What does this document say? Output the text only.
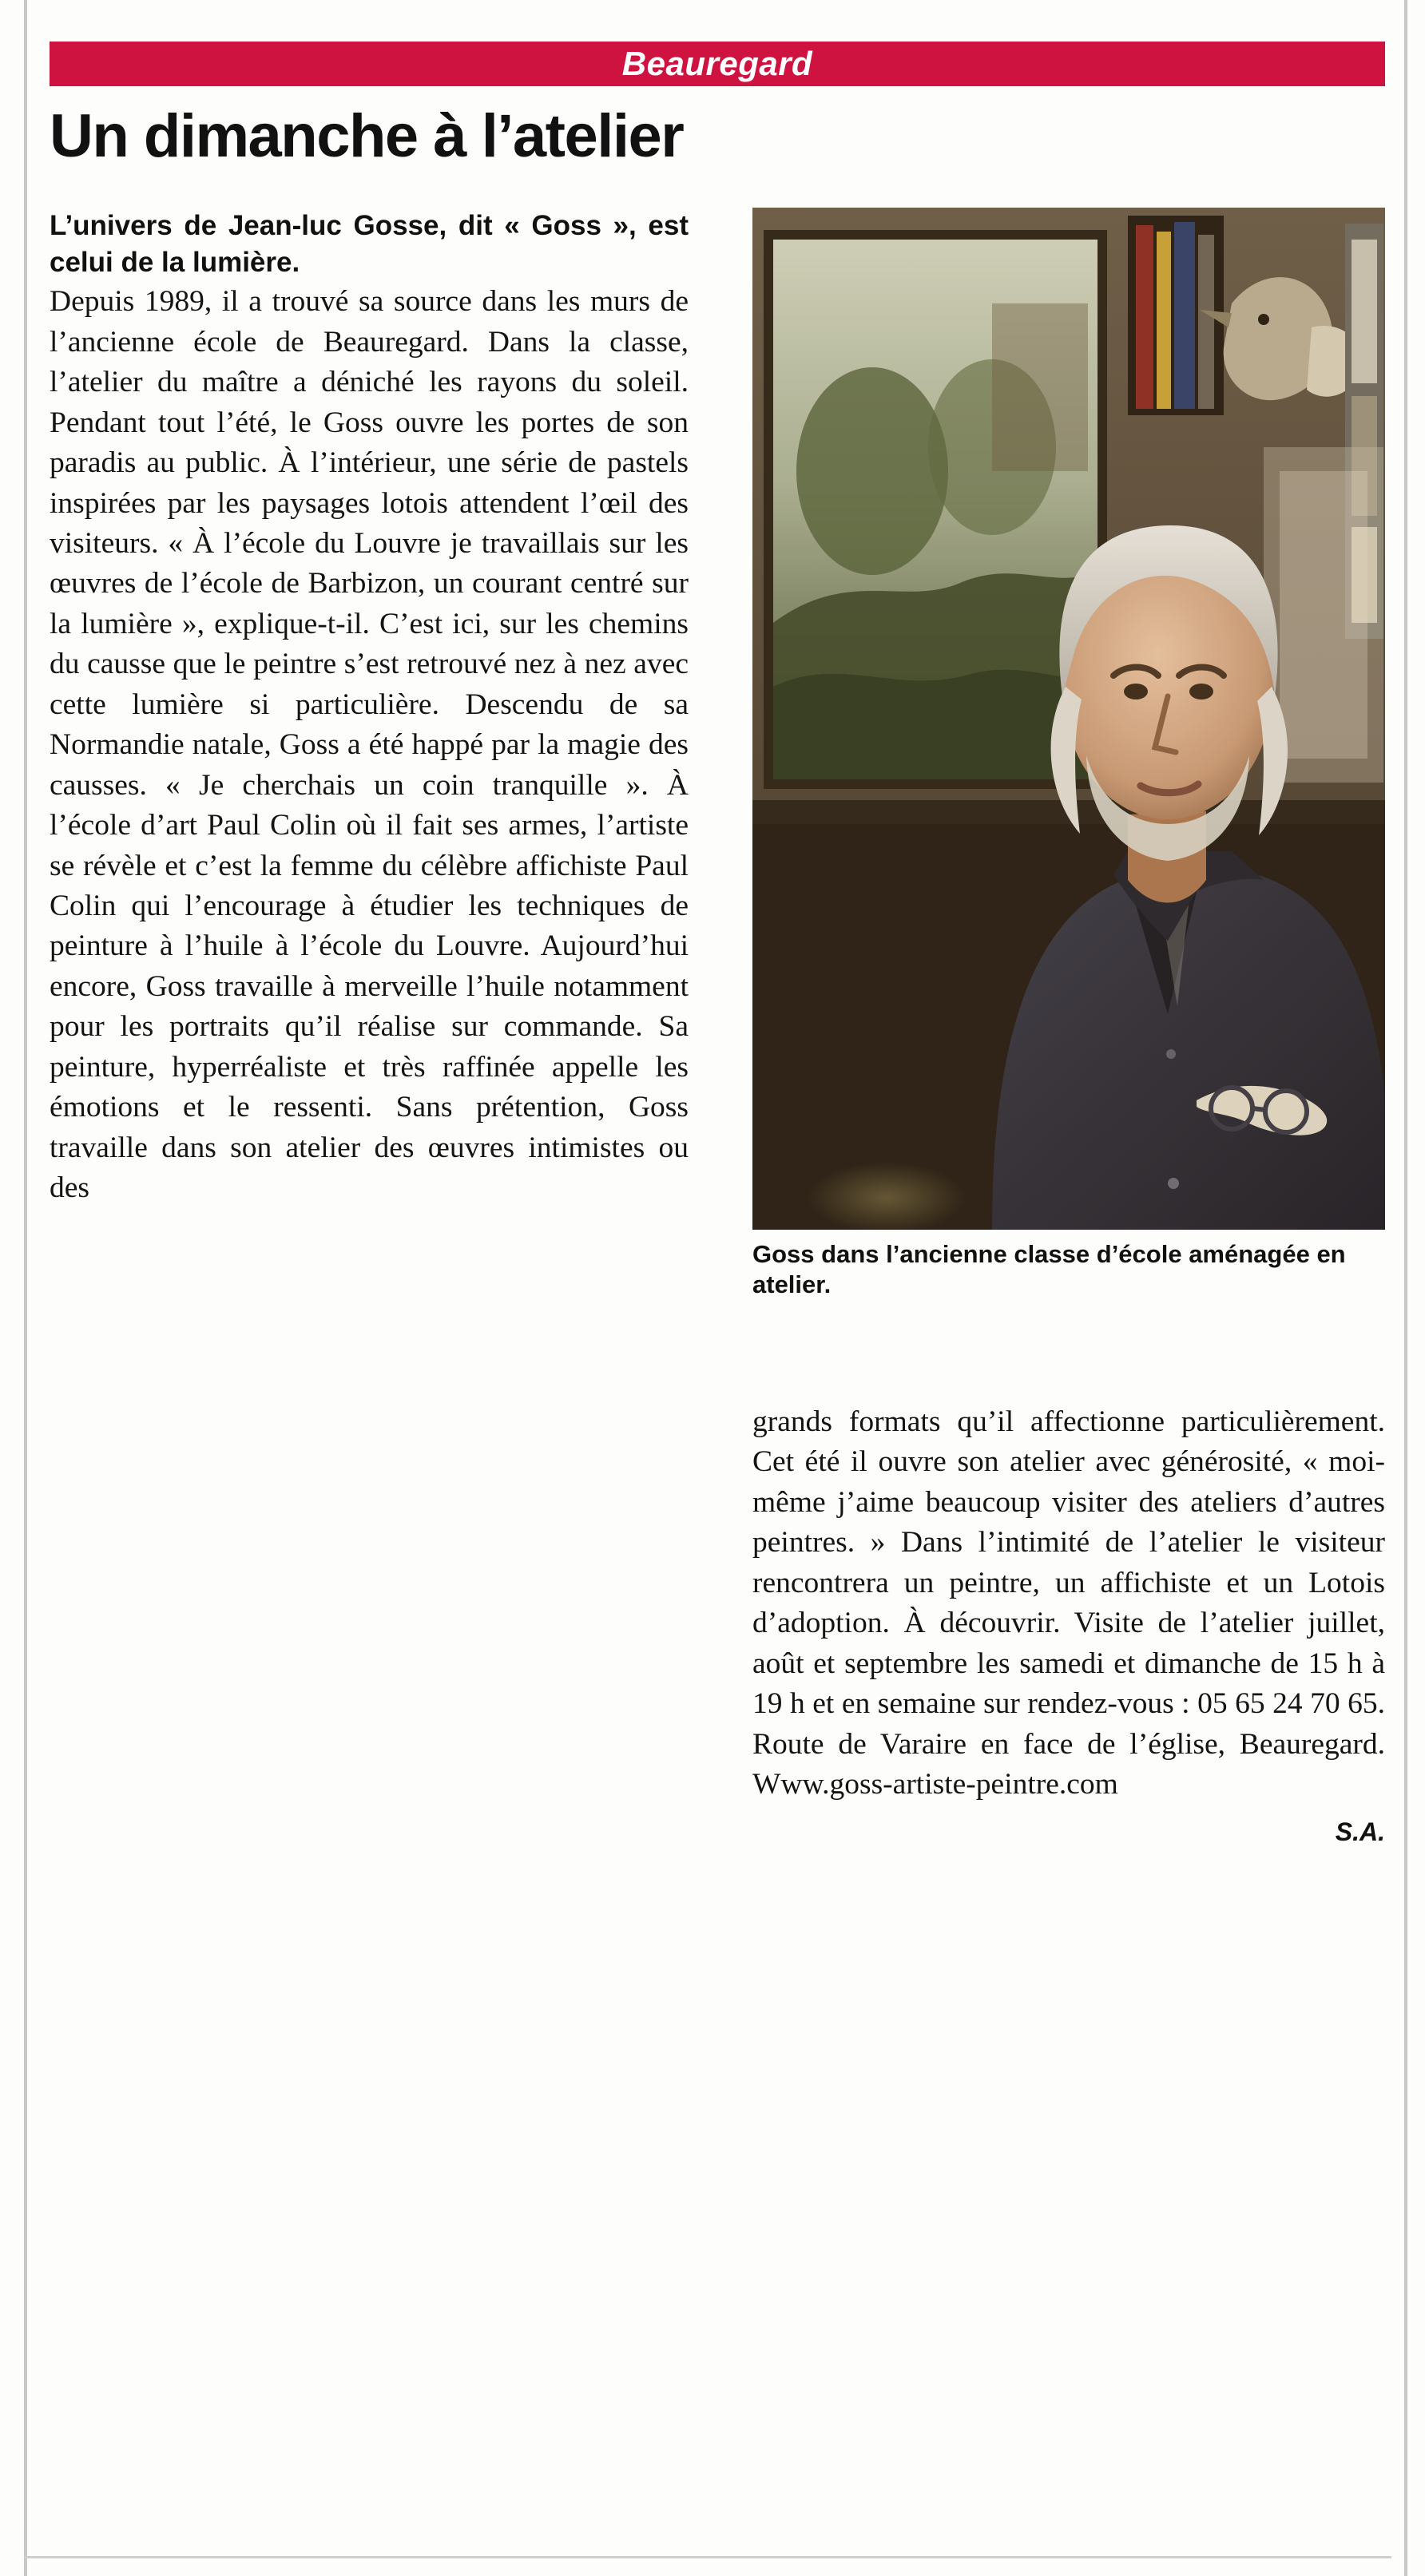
Beauregard
Un dimanche à l’atelier
L’univers de Jean-luc Gosse, dit « Goss », est celui de la lumière.
Depuis 1989, il a trouvé sa source dans les murs de l’ancienne école de Beauregard. Dans la classe, l’atelier du maître a déniché les rayons du soleil. Pendant tout l’été, le Goss ouvre les portes de son paradis au public. À l’intérieur, une série de pastels inspirées par les paysages lotois attendent l’œil des visiteurs. « À l’école du Louvre je travaillais sur les œuvres de l’école de Barbizon, un courant centré sur la lumière », explique-t-il. C’est ici, sur les chemins du causse que le peintre s’est retrouvé nez à nez avec cette lumière si particulière. Descendu de sa Normandie natale, Goss a été happé par la magie des causses. « Je cherchais un coin tranquille ». À l’école d’art Paul Colin où il fait ses armes, l’artiste se révèle et c’est la femme du célèbre affichiste Paul Colin qui l’encourage à étudier les techniques de peinture à l’huile à l’école du Louvre. Aujourd’hui encore, Goss travaille à merveille l’huile notamment pour les portraits qu’il réalise sur commande. Sa peinture, hyperréaliste et très raffinée appelle les émotions et le ressenti. Sans prétention, Goss travaille dans son atelier des œuvres intimistes ou des
Goss dans l’ancienne classe d’école aménagée en atelier.
grands formats qu’il affectionne particulièrement. Cet été il ouvre son atelier avec générosité, « moi-même j’aime beaucoup visiter des ateliers d’autres peintres. » Dans l’intimité de l’atelier le visiteur rencontrera un peintre, un affichiste et un Lotois d’adoption. À découvrir. Visite de l’atelier juillet, août et septembre les samedi et dimanche de 15 h à 19 h et en semaine sur rendez-vous : 05 65 24 70 65. Route de Varaire en face de l’église, Beauregard. Www.goss-artiste-peintre.com
S.A.
